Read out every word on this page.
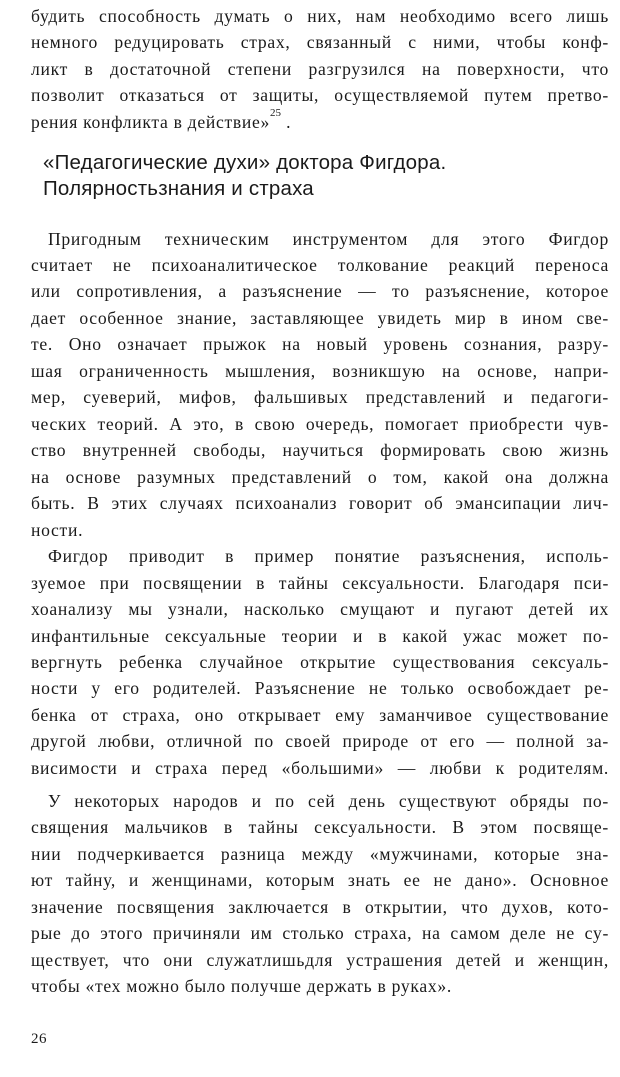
будить способность думать о них, нам необходимо всего лишь
немного редуцировать страх, связанный с ними, чтобы конф-
ликт в достаточной степени разгрузился на поверхности, что
позволит отказаться от защиты, осуществляемой путем претво-
рения конфликта в действие»$^{25}$ .
«Педагогические духи» доктора Фигдора.
Полярностьзнания и страха
Пригодным техническим инструментом для этого Фигдор
считает не психоаналитическое толкование реакций переноса
или сопротивления, а разъяснение — то разъяснение, которое
дает особенное знание, заставляющее увидеть мир в ином све-
те. Оно означает прыжок на новый уровень сознания, разру-
шая ограниченность мышления, возникшую на основе, напри-
мер, суеверий, мифов, фальшивых представлений и педагоги-
ческих теорий. А это, в свою очередь, помогает приобрести чув-
ство внутренней свободы, научиться формировать свою жизнь
на основе разумных представлений о том, какой она должна
быть. В этих случаях психоанализ говорит об эмансипации лич-
ности.
Фигдор приводит в пример понятие разъяснения, исполь-
зуемое при посвящении в тайны сексуальности. Благодаря пси-
хоанализу мы узнали, насколько смущают и пугают детей их
инфантильные сексуальные теории и в какой ужас может по-
вергнуть ребенка случайное открытие существования сексуаль-
ности у его родителей. Разъяснение не только освобождает ре-
бенка от страха, оно открывает ему заманчивое существование
другой любви, отличной по своей природе от его — полной за-
висимости и страха перед «большими» — любви к родителям.
У некоторых народов и по сей день существуют обряды по-
священия мальчиков в тайны сексуальности. В этом посвяще-
нии подчеркивается разница между «мужчинами, которые зна-
ют тайну, и женщинами, которым знать ее не дано». Основное
значение посвящения заключается в открытии, что духов, кото-
рые до этого причиняли им столько страха, на самом деле не су-
ществует, что они служатлишьдля устрашения детей и женщин,
чтобы «тех можно было получше держать в руках».
26
